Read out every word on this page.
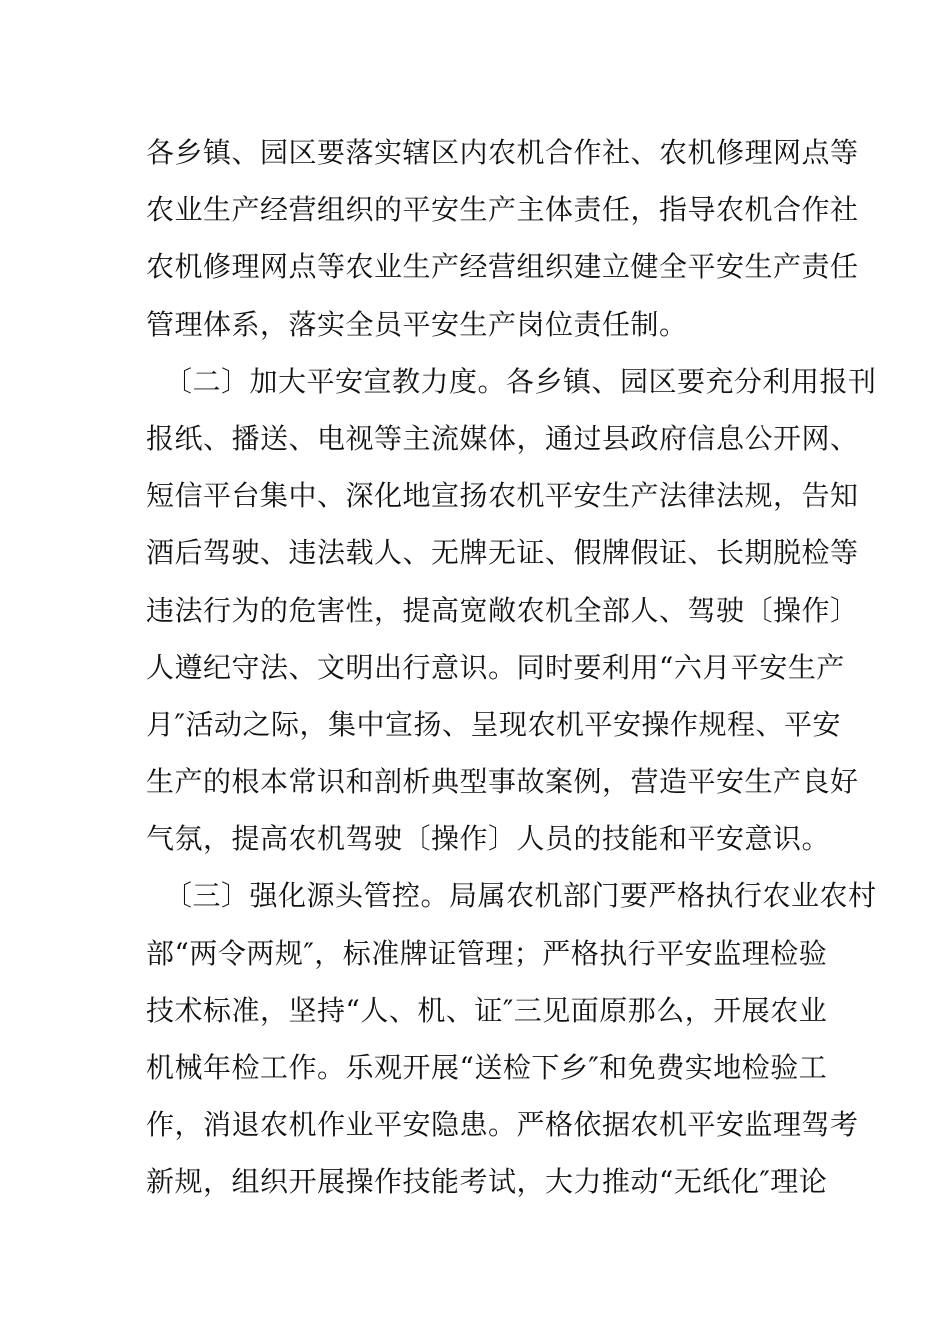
各乡镇、园区要落实辖区内农机合作社、农机修理网点等
农业生产经营组织的平安生产主体责任，指导农机合作社
农机修理网点等农业生产经营组织建立健全平安生产责任
管理体系，落实全员平安生产岗位责任制。
〔二〕加大平安宣教力度。各乡镇、园区要充分利用报刊
报纸、播送、电视等主流媒体，通过县政府信息公开网、
短信平台集中、深化地宣扬农机平安生产法律法规，告知
酒后驾驶、违法载人、无牌无证、假牌假证、长期脱检等
违法行为的危害性，提高宽敞农机全部人、驾驶〔操作〕
人遵纪守法、文明出行意识。同时要利用“六月平安生产
月″活动之际，集中宣扬、呈现农机平安操作规程、平安
生产的根本常识和剖析典型事故案例，营造平安生产良好
气氛，提高农机驾驶〔操作〕人员的技能和平安意识。
〔三〕强化源头管控。局属农机部门要严格执行农业农村
部“两令两规″，标准牌证管理；严格执行平安监理检验
技术标准，坚持“人、机、证″三见面原那么，开展农业
机械年检工作。乐观开展“送检下乡″和免费实地检验工
作，消退农机作业平安隐患。严格依据农机平安监理驾考
新规，组织开展操作技能考试，大力推动“无纸化″理论
